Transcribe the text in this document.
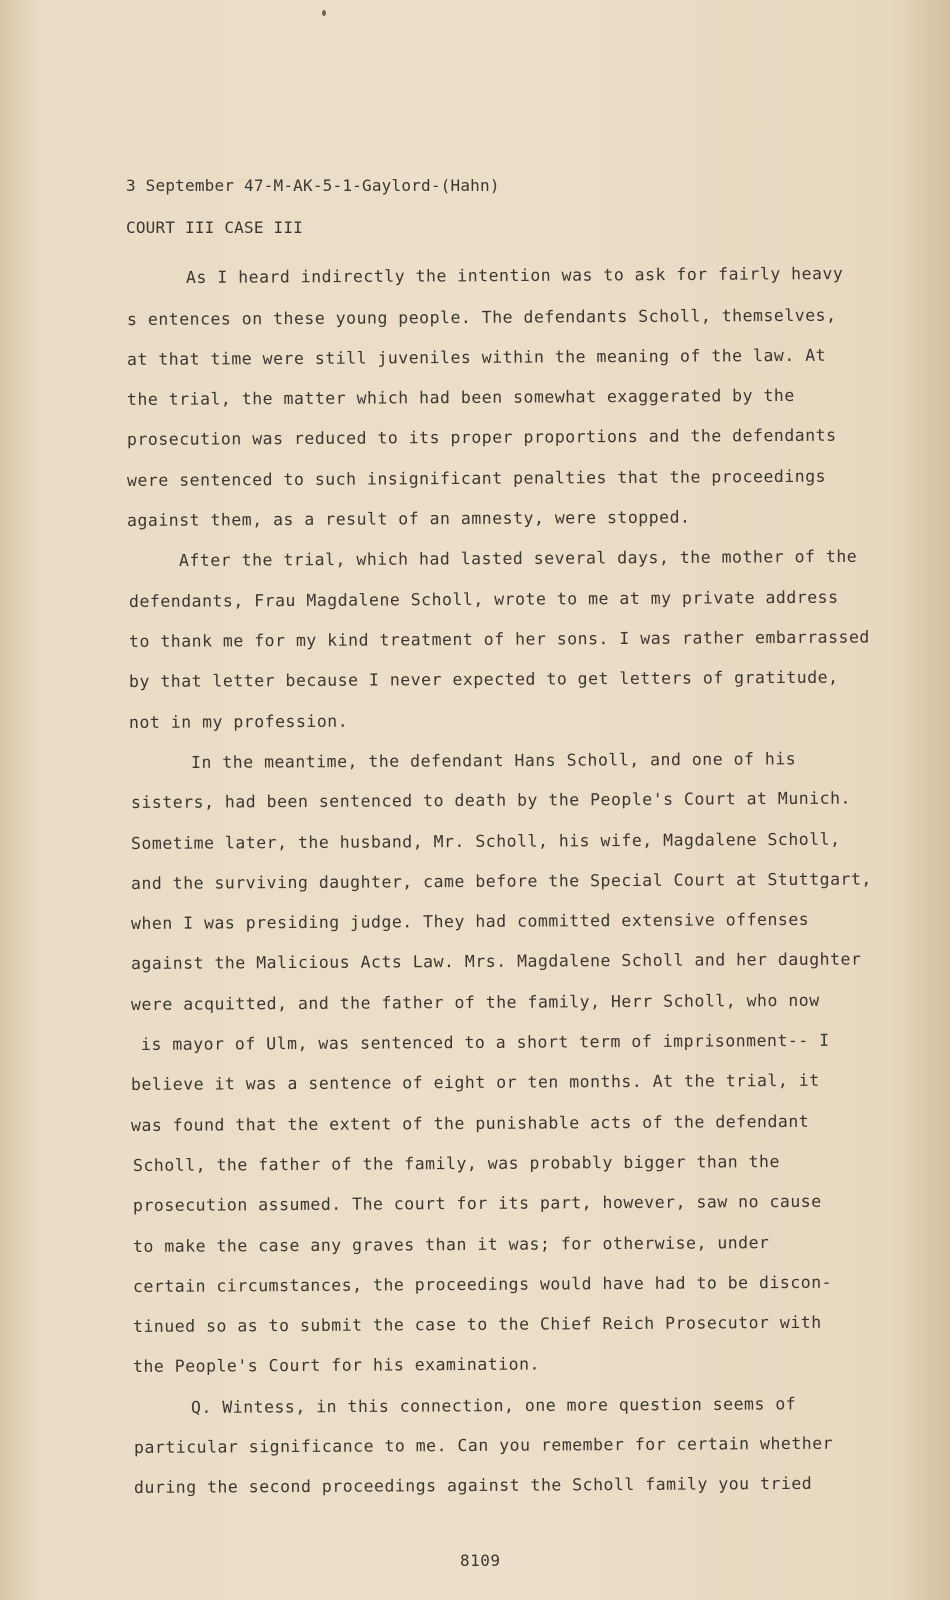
3 September 47-M-AK-5-1-Gaylord-(Hahn)
COURT III CASE III
As I heard indirectly the intention was to ask for fairly heavy
s entences on these young people. The defendants Scholl, themselves,
at that time were still juveniles within the meaning of the law. At
the trial, the matter which had been somewhat exaggerated by the
prosecution was reduced to its proper proportions and the defendants
were sentenced to such insignificant penalties that the proceedings
against them, as a result of an amnesty, were stopped.
After the trial, which had lasted several days, the mother of the
defendants, Frau Magdalene Scholl, wrote to me at my private address
to thank me for my kind treatment of her sons. I was rather embarrassed
by that letter because I never expected to get letters of gratitude,
not in my profession.
In the meantime, the defendant Hans Scholl, and one of his
sisters, had been sentenced to death by the People's Court at Munich.
Sometime later, the husband, Mr. Scholl, his wife, Magdalene Scholl,
and the surviving daughter, came before the Special Court at Stuttgart,
when I was presiding judge. They had committed extensive offenses
against the Malicious Acts Law. Mrs. Magdalene Scholl and her daughter
were acquitted, and the father of the family, Herr Scholl, who now
is mayor of Ulm, was sentenced to a short term of imprisonment-- I
believe it was a sentence of eight or ten months. At the trial, it
was found that the extent of the punishable acts of the defendant
Scholl, the father of the family, was probably bigger than the
prosecution assumed. The court for its part, however, saw no cause
to make the case any graves than it was; for otherwise, under
certain circumstances, the proceedings would have had to be discon-
tinued so as to submit the case to the Chief Reich Prosecutor with
the People's Court for his examination.
Q. Wintess, in this connection, one more question seems of
particular significance to me. Can you remember for certain whether
during the second proceedings against the Scholl family you tried
8109
